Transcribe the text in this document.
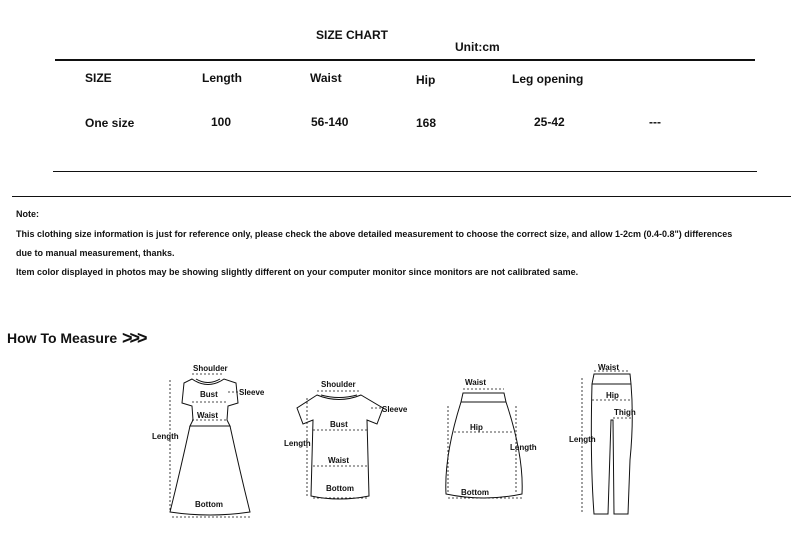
SIZE CHART
Unit:cm
SIZE	Length	Waist	Hip	Leg opening
One size	100	56-140	168	25-42	---
Note:
This clothing size information is just for reference only, please check the above detailed measurement to choose the correct size, and allow 1-2cm (0.4-0.8") differences
due to manual measurement, thanks.
Item color displayed in photos may be showing slightly different on your computer monitor since monitors are not calibrated same.
How To Measure >>>
Shoulder
Bust	Sleeve
Waist
Length
Bottom
Shoulder
Bust
Sleeve
Waist
Length
Bottom
Waist
Hip
Length
Bottom
Waist
Hip
Thigh
Length
